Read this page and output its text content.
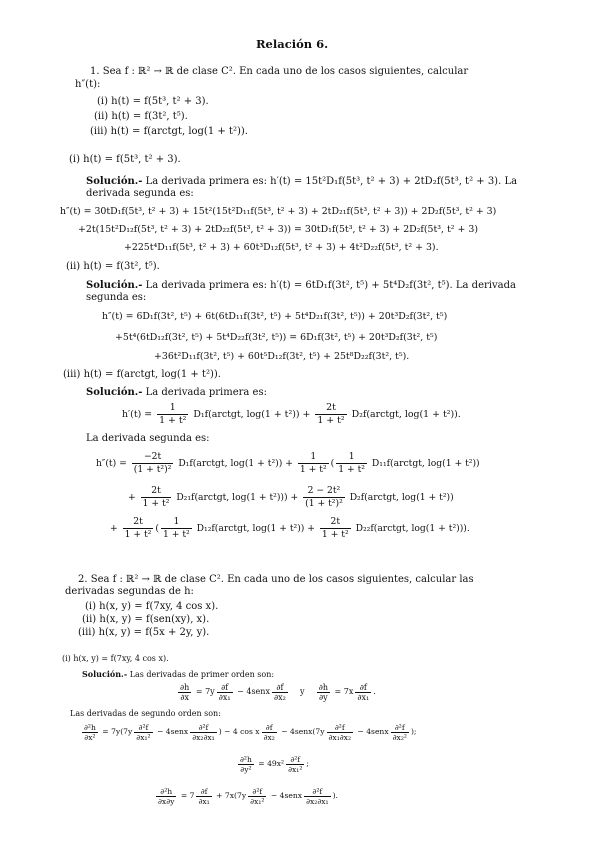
Relación 6.
1. Sea f : ℝ² → ℝ de clase C². En cada uno de los casos siguientes, calcular
h″(t):
(i) h(t) = f(5t³, t² + 3).
(ii) h(t) = f(3t², t⁵).
(iii) h(t) = f(arctgt, log(1 + t²)).
(i) h(t) = f(5t³, t² + 3).
Solución.- La derivada primera es: h′(t) = 15t²D₁f(5t³, t² + 3) + 2tD₂f(5t³, t² + 3). La
derivada segunda es:
h″(t) = 30tD₁f(5t³, t² + 3) + 15t²(15t²D₁₁f(5t³, t² + 3) + 2tD₂₁f(5t³, t² + 3)) + 2D₂f(5t³, t² + 3)
+2t(15t²D₁₂f(5t³, t² + 3) + 2tD₂₂f(5t³, t² + 3)) = 30tD₁f(5t³, t² + 3) + 2D₂f(5t³, t² + 3)
+225t⁴D₁₁f(5t³, t² + 3) + 60t³D₁₂f(5t³, t² + 3) + 4t²D₂₂f(5t³, t² + 3).
(ii) h(t) = f(3t², t⁵).
Solución.- La derivada primera es: h′(t) = 6tD₁f(3t², t⁵) + 5t⁴D₂f(3t², t⁵). La derivada
segunda es:
h″(t) = 6D₁f(3t², t⁵) + 6t(6tD₁₁f(3t², t⁵) + 5t⁴D₂₁f(3t², t⁵)) + 20t³D₂f(3t², t⁵)
+5t⁴(6tD₁₂f(3t², t⁵) + 5t⁴D₂₂f(3t², t⁵)) = 6D₁f(3t², t⁵) + 20t³D₂f(3t², t⁵)
+36t²D₁₁f(3t², t⁵) + 60t⁵D₁₂f(3t², t⁵) + 25t⁸D₂₂f(3t², t⁵).
(iii) h(t) = f(arctgt, log(1 + t²)).
Solución.- La derivada primera es:
$h'(t) = \frac{1}{\text{1 + t²}}$ D₁f(arctgt, $\log(1 + t^2)) + \frac{2t}{\text{1 + t²}}$ D₂f(arctgt, log(1 + t²)).
La derivada segunda es:
$h''(t) = \frac{-2t}{\text{(1 + t²)²}}$ D₁f(arctgt, $\log(1 + t^2)) + \frac{1}{\text{1 + t²}}$ ( $\frac{1}{\text{1 + t²}}$ D₁₁f(arctgt, log(1 + t²))
+ $\frac{2t}{\text{1 + t²}}$ D₂₁f(arctgt, $\log(1 + t^2))) + \frac{\text{2 − 2t²}}{\text{(1 + t²)²}}$ D₂f(arctgt, log(1 + t²))
+ $\frac{2t}{\text{1 + t²}}$ ( $\frac{1}{\text{1 + t²}}$ D₁₂f(arctgt, $\log(1 + t^2)) + \frac{2t}{\text{1 + t²}}$ D₂₂f(arctgt, log(1 + t²))).
2. Sea f : ℝ² → ℝ de clase C². En cada uno de los casos siguientes, calcular las
derivadas segundas de h:
(i) h(x, y) = f(7xy, 4 cos x).
(ii) h(x, y) = f(sen(xy), x).
(iii) h(x, y) = f(5x + 2y, y).
(i) h(x, y) = f(7xy, 4 cos x).
Solución.- Las derivadas de primer orden son:
$\frac{\partial h}{\partial x} = 7y \frac{\partial f}{\text{∂x₁}}$ − 4senx $\frac{\partial f}{\text{∂x₂}}$ y $\frac{\partial h}{\partial y} = 7x \frac{\partial f}{\text{∂x₁}}$ .
Las derivadas de segundo orden son:
$\frac{\text{∂²h}}{\text{∂x²}} = 7y(7y \frac{\text{∂²f}}{\text{∂x₁²}}$ − 4senx $\frac{\text{∂²f}}{\text{∂x₂∂x₁}}$ ) − 4 cos x $\frac{\partial f}{\text{∂x₂}}$ − 4senx(7y $\frac{\text{∂²f}}{\text{∂x₁∂x₂}}$ − 4senx $\frac{\text{∂²f}}{\text{∂x₂²}}$ );
$\frac{\text{∂²h}}{\text{∂y²}} = 49x^2 \frac{\text{∂²f}}{\text{∂x₁²}}$ ;
$\frac{\text{∂²h}}{\partial x\partial y} = 7 \frac{\partial f}{\text{∂x₁}} + 7x(7y \frac{\text{∂²f}}{\text{∂x₁²}}$ − 4senx $\frac{\text{∂²f}}{\text{∂x₂∂x₁}}$ ).
